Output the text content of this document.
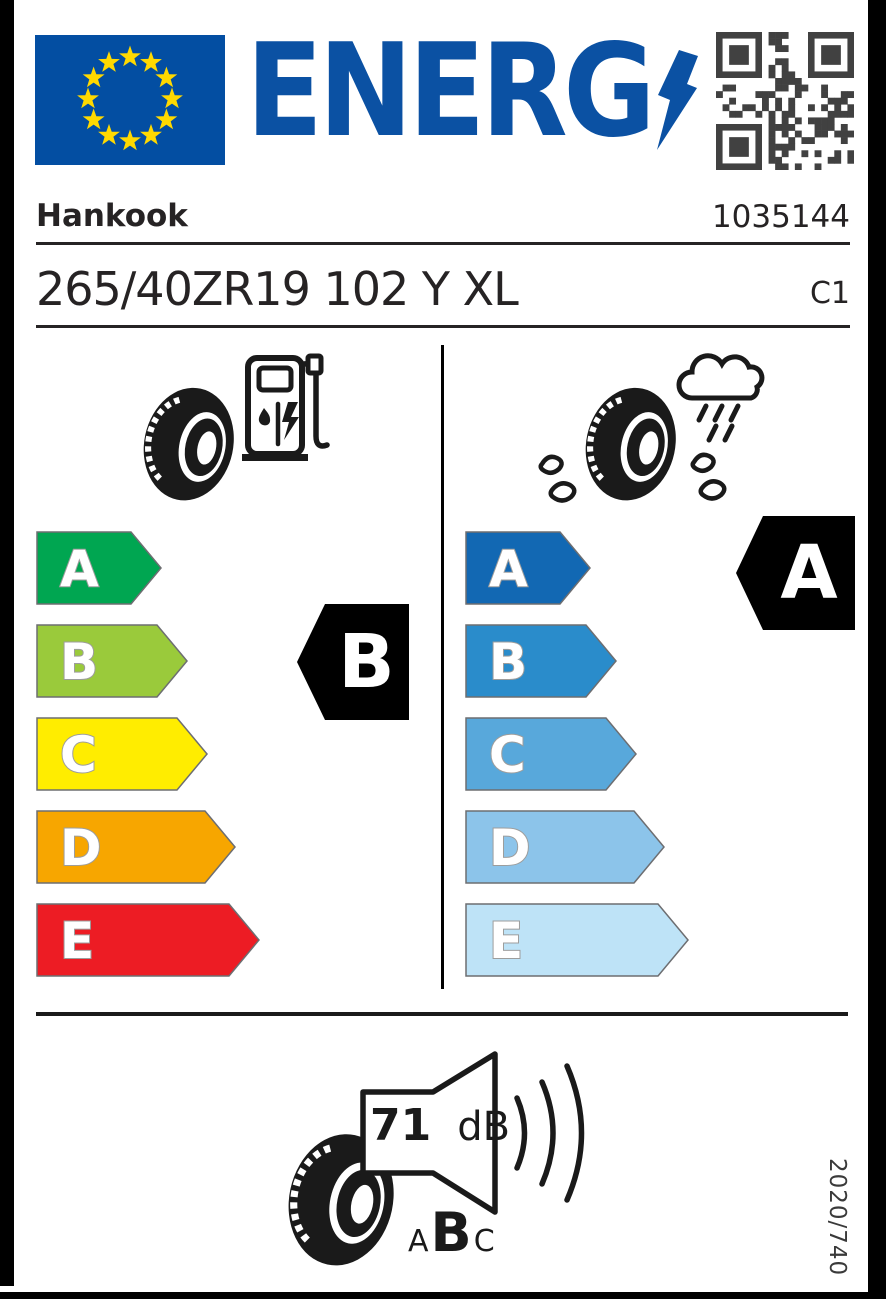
ENERG
Hankook	1035144
265/40ZR19 102 Y XL	C1
A
B
C
D
E
A
B
C
D
E
B
A
71 dB
A B C	2020/740
